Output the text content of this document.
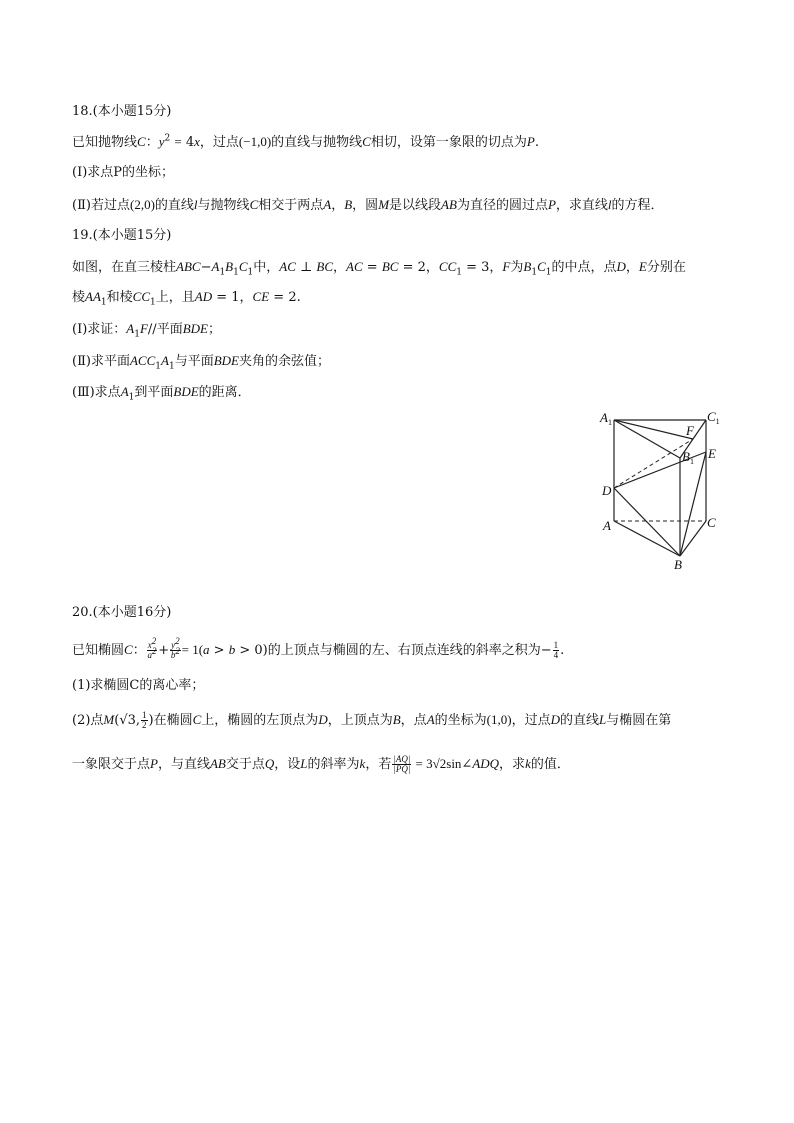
18.(本小题15分)
已知抛物线C：$y^2 = 4x$，过点(−1,0)的直线与抛物线C相切，设第一象限的切点为P.
(I)求点P的坐标；
(Ⅱ)若过点(2,0)的直线l与抛物线C相交于两点A，B，圆M是以线段AB为直径的圆过点P，求直线l的方程．
19.(本小题15分)
如图，在直三棱柱$ABC-A_1B_1C_1$中，AC ⊥ BC，AC = BC = 2，$CC_1 = 3$，F为$B_1C_1$的中点，点D，E分别在
棱$AA_1$和棱$CC_1$上，且AD = 1，CE = 2.
(Ⅰ)求证：$A_1F//$平面BDE；
(Ⅱ)求平面$ACC_1A_1$与平面BDE夹角的余弦值；
(Ⅲ)求点$A_1$到平面BDE的距离．
$A_1$	$C_1$
F
$B_1$
E
D
A	C
B
20.(本小题16分)
已知椭圆C： $\frac{x^2}{a^2} + \frac{y^2}{b^2} = 1(a > b > 0)$的上顶点与椭圆的左、右顶点连线的斜率之积为− $\frac{1}{4}$ .
(1)求椭圆C的离心率；
(2)点M(√3, $\frac{1}{2}$ )在椭圆C上，椭圆的左顶点为D，上顶点为B，点A的坐标为(1,0)，过点D的直线L与椭圆在第
一象限交于点P，与直线AB交于点Q，设L的斜率为k，若 $\frac{|AQ|}{|PQ|}$ = 3√2sin∠ADQ，求k的值．
